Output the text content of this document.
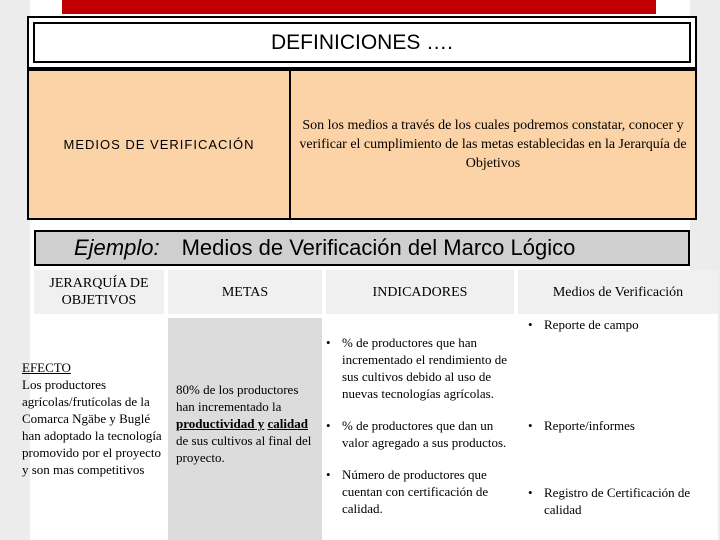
DEFINICIONES ….
MEDIOS DE VERIFICACIÓN
Son los medios a través de los cuales podremos constatar, conocer y verificar el cumplimiento de las metas establecidas en la Jerarquía de Objetivos
Ejemplo: Medios de Verificación del Marco Lógico
JERARQUÍA DE OBJETIVOS
METAS	INDICADORES	Medios de Verificación
EFECTO
Los productores agrícolas/frutícolas de la Comarca Ngäbe y Buglé han adoptado la tecnología promovido por el proyecto y son mas competitivos
80% de los productores han incrementado la productividad y calidad de sus cultivos al final del proyecto.
• % de productores que han incrementado el rendimiento de sus cultivos debido al uso de nuevas tecnologías agrícolas.
• % de productores que dan un valor agregado a sus productos.
• Número de productores que cuentan con certificación de calidad.
• Reporte de campo
• Reporte/informes
• Registro de Certificación de calidad
